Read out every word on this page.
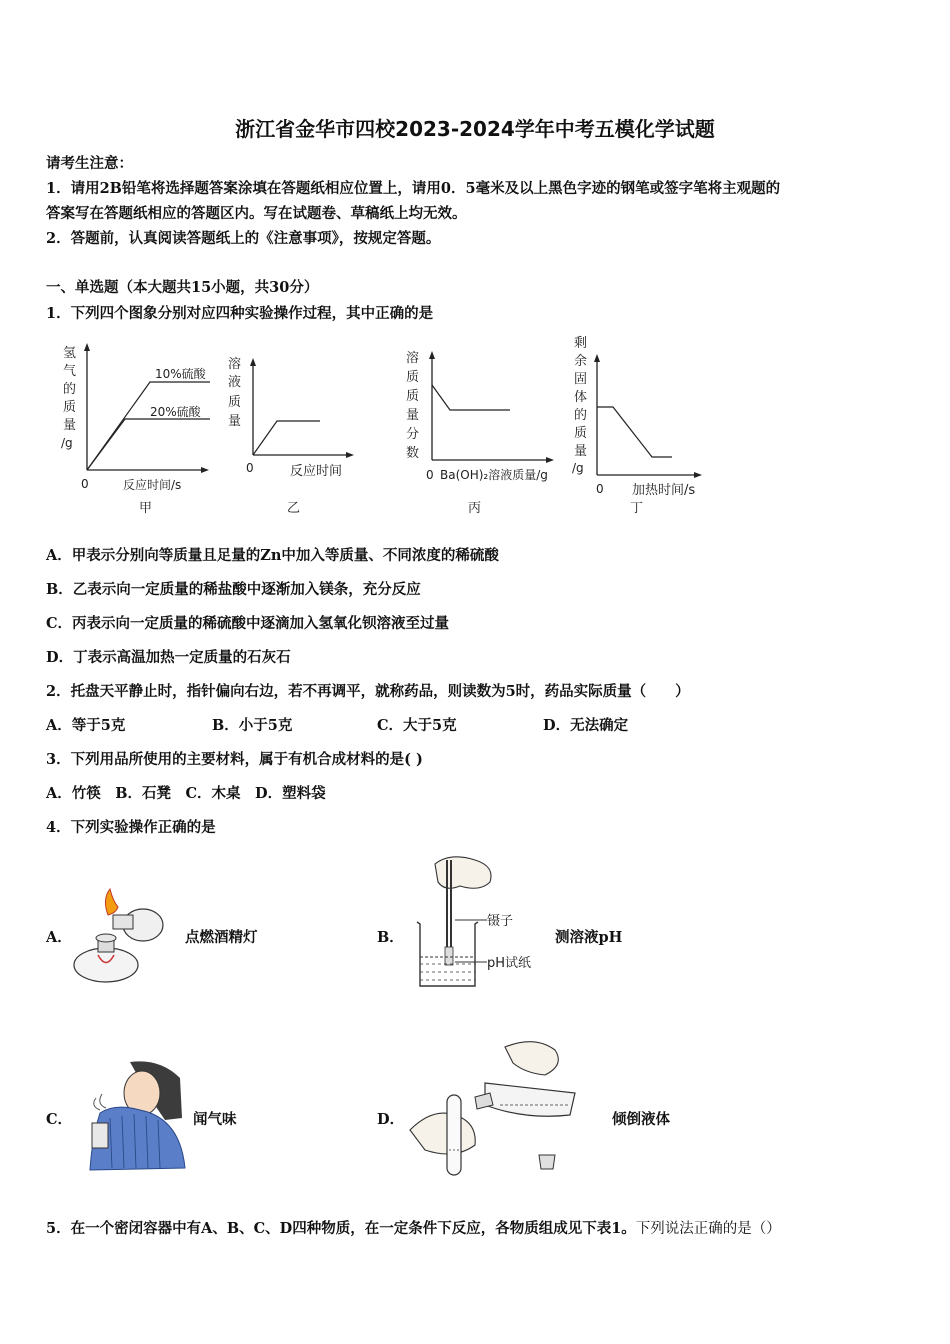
浙江省金华市四校2023-2024学年中考五模化学试题
请考生注意：
1．请用2B铅笔将选择题答案涂填在答题纸相应位置上，请用0．5毫米及以上黑色字迹的钢笔或签字笔将主观题的
答案写在答题纸相应的答题区内。写在试题卷、草稿纸上均无效。
2．答题前，认真阅读答题纸上的《注意事项》，按规定答题。
一、单选题（本大题共15小题，共30分）
1．下列四个图象分别对应四种实验操作过程，其中正确的是
氢
气
的
质
量
/g
10%硫酸
20%硫酸
0	反应时间/s
甲
溶
液
质
量
0	反应时间
乙
溶
质
质
量
分
数
0 Ba(OH)₂溶液质量/g
丙
剩
余
固
体
的
质
量
/g
0 加热时间/s
丁
A．甲表示分别向等质量且足量的Zn中加入等质量、不同浓度的稀硫酸
B．乙表示向一定质量的稀盐酸中逐渐加入镁条，充分反应
C．丙表示向一定质量的稀硫酸中逐滴加入氢氧化钡溶液至过量
D．丁表示高温加热一定质量的石灰石
2．托盘天平静止时，指针偏向右边，若不再调平，就称药品，则读数为5时，药品实际质量（　　）
A．等于5克	B．小于5克	C．大于5克	D．无法确定
3．下列用品所使用的主要材料，属于有机合成材料的是( )
A．竹筷　B．石凳　C．木桌　D．塑料袋
4．下列实验操作正确的是
A．	点燃酒精灯	B．
镊子
pH试纸
测溶液pH
C．	闻气味	D．	倾倒液体
5．在一个密闭容器中有A、B、C、D四种物质，在一定条件下反应，各物质组成见下表1。下列说法正确的是（）
